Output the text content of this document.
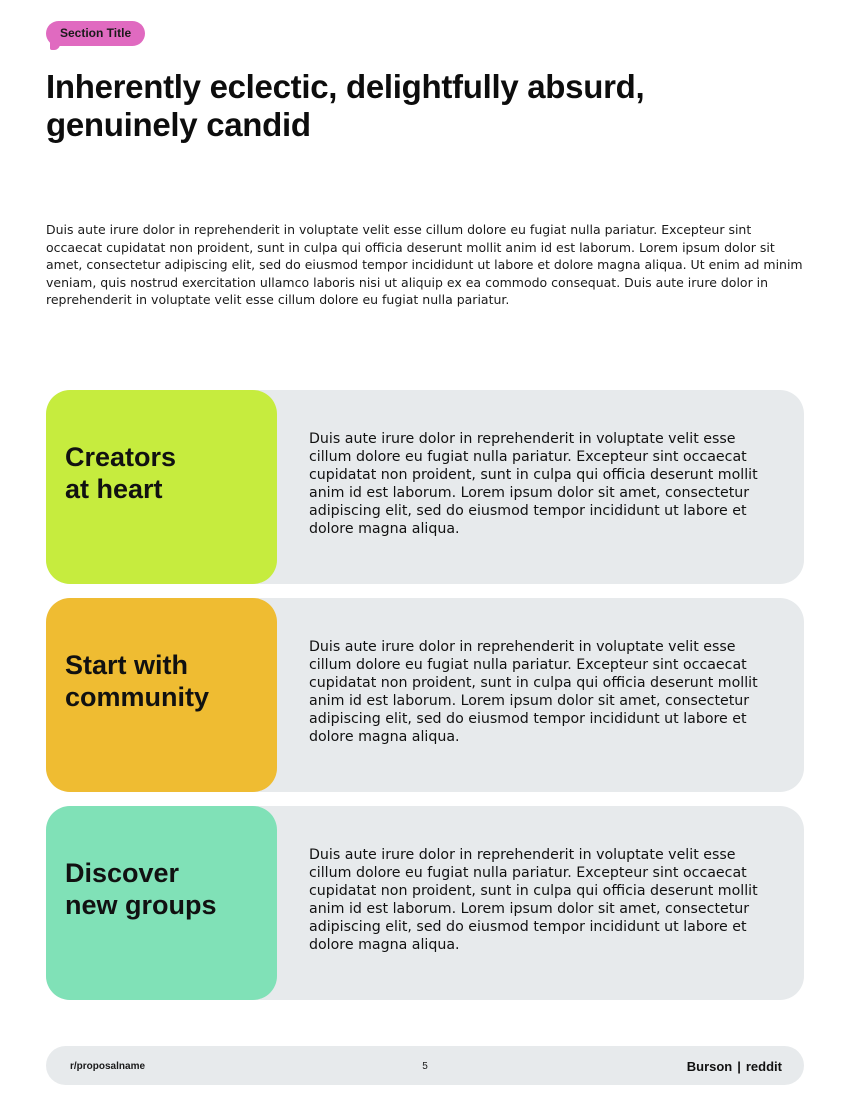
Section Title
Inherently eclectic, delightfully absurd, genuinely candid

Duis aute irure dolor in reprehenderit in voluptate velit esse cillum dolore eu fugiat nulla pariatur. Excepteur sint occaecat cupidatat non proident, sunt in culpa qui officia deserunt mollit anim id est laborum. Lorem ipsum dolor sit amet, consectetur adipiscing elit, sed do eiusmod tempor incididunt ut labore et dolore magna aliqua. Ut enim ad minim veniam, quis nostrud exercitation ullamco laboris nisi ut aliquip ex ea commodo consequat. Duis aute irure dolor in reprehenderit in voluptate velit esse cillum dolore eu fugiat nulla pariatur.

Creators
at heart

Duis aute irure dolor in reprehenderit in voluptate velit esse cillum dolore eu fugiat nulla pariatur. Excepteur sint occaecat cupidatat non proident, sunt in culpa qui officia deserunt mollit anim id est laborum. Lorem ipsum dolor sit amet, consectetur adipiscing elit, sed do eiusmod tempor incididunt ut labore et dolore magna aliqua.

Start with
community

Duis aute irure dolor in reprehenderit in voluptate velit esse cillum dolore eu fugiat nulla pariatur. Excepteur sint occaecat cupidatat non proident, sunt in culpa qui officia deserunt mollit anim id est laborum. Lorem ipsum dolor sit amet, consectetur adipiscing elit, sed do eiusmod tempor incididunt ut labore et dolore magna aliqua.

Discover
new groups

Duis aute irure dolor in reprehenderit in voluptate velit esse cillum dolore eu fugiat nulla pariatur. Excepteur sint occaecat cupidatat non proident, sunt in culpa qui officia deserunt mollit anim id est laborum. Lorem ipsum dolor sit amet, consectetur adipiscing elit, sed do eiusmod tempor incididunt ut labore et dolore magna aliqua.

r/proposalname	5	Burson | reddit
